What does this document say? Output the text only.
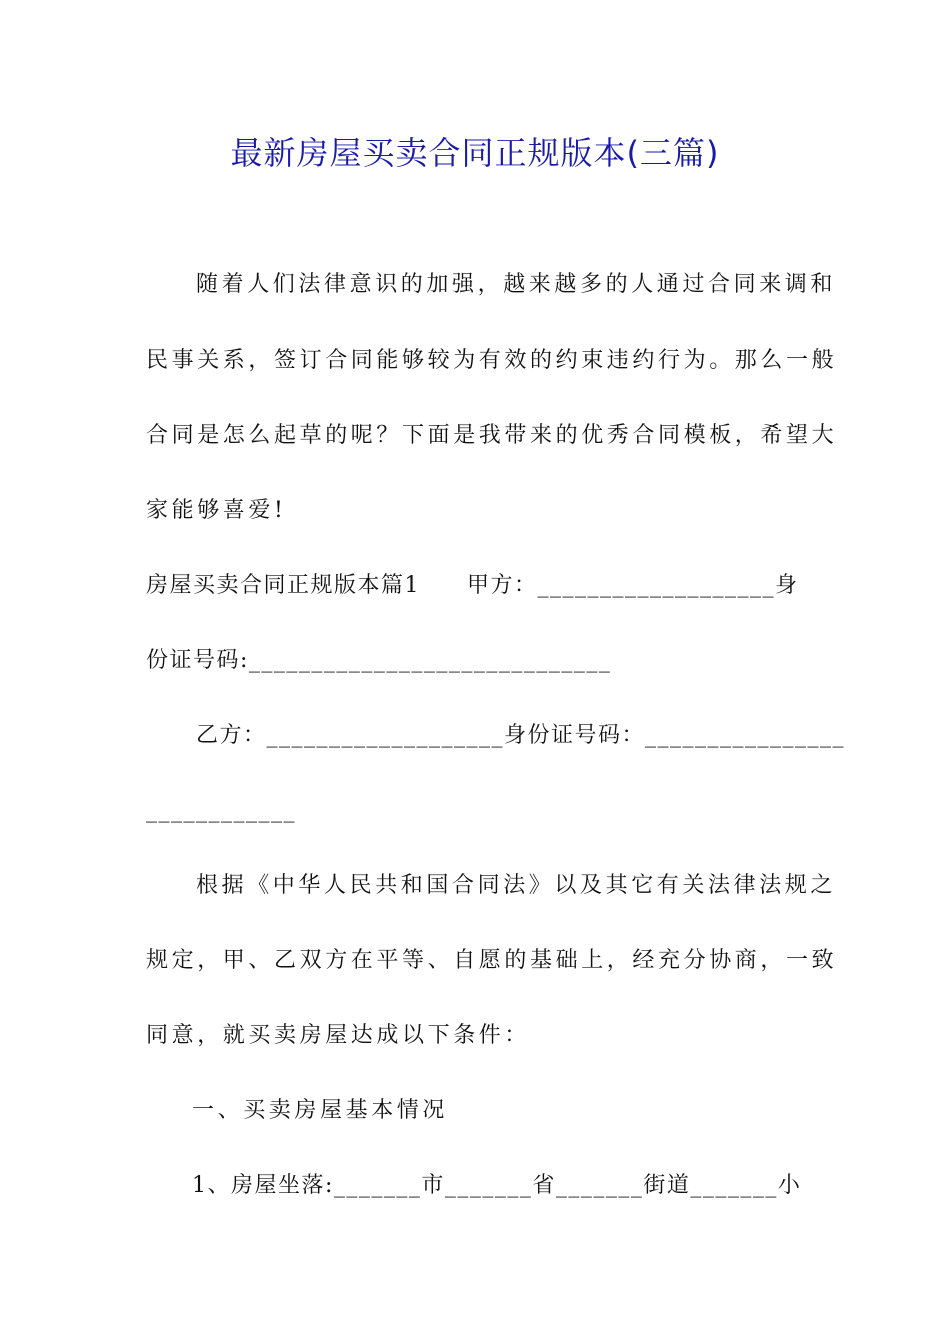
最新房屋买卖合同正规版本(三篇)
随着人们法律意识的加强，越来越多的人通过合同来调和
民事关系，签订合同能够较为有效的约束违约行为。那么一般
合同是怎么起草的呢？下面是我带来的优秀合同模板，希望大
家能够喜爱!
房屋买卖合同正规版本篇1　　甲方：___________________身
份证号码:_____________________________
乙方：___________________身份证号码：________________
____________
根据《中华人民共和国合同法》以及其它有关法律法规之
规定，甲、乙双方在平等、自愿的基础上，经充分协商，一致
同意，就买卖房屋达成以下条件：
一、买卖房屋基本情况
1、房屋坐落:_______市_______省_______街道_______小
